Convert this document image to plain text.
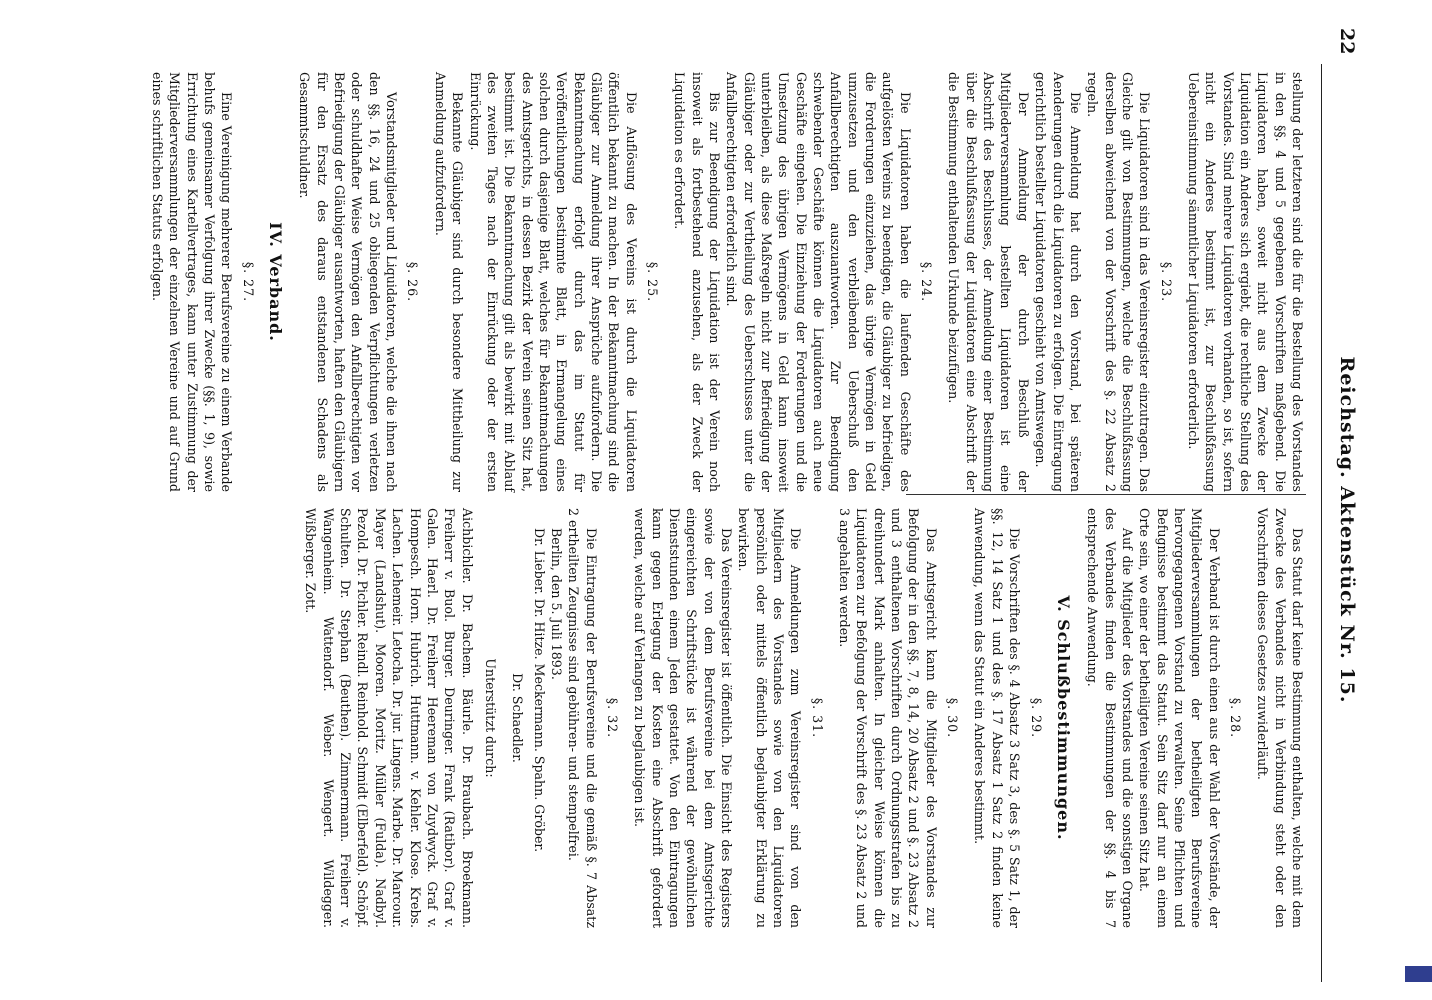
22
Reichstag. Aktenstück Nr. 15.

stellung der letzteren sind die für die Bestellung des Vorstandes in den §§. 4 und 5 gegebenen Vorschriften maßgebend. Die Liquidatoren haben, soweit nicht aus dem Zwecke der Liquidation ein Anderes sich ergiebt, die rechtliche Stellung des Vorstandes. Sind mehrere Liquidatoren vorhanden, so ist, sofern nicht ein Anderes bestimmt ist, zur Beschlußfassung Uebereinstimmung sämmtlicher Liquidatoren erforderlich.

§. 23.

Die Liquidatoren sind in das Vereinsregister einzutragen. Das Gleiche gilt von Bestimmungen, welche die Beschlußfassung derselben abweichend von der Vorschrift des §. 22 Absatz 2 regeln.

Die Anmeldung hat durch den Vorstand, bei späteren Aenderungen durch die Liquidatoren zu erfolgen. Die Eintragung gerichtlich bestellter Liquidatoren geschieht von Amtswegen.

Der Anmeldung der durch Beschluß der Mitgliederversammlung bestellten Liquidatoren ist eine Abschrift des Beschlusses, der Anmeldung einer Bestimmung über die Beschlußfassung der Liquidatoren eine Abschrift der die Bestimmung enthaltenden Urkunde beizufügen.

§. 24.

Die Liquidatoren haben die laufenden Geschäfte des aufgelösten Vereins zu beendigen, die Gläubiger zu befriedigen, die Forderungen einzuziehen, das übrige Vermögen in Geld umzusetzen und den verbleibenden Ueberschuß den Anfallberechtigten auszuantworten. Zur Beendigung schwebender Geschäfte können die Liquidatoren auch neue Geschäfte eingehen. Die Einziehung der Forderungen und die Umsetzung des übrigen Vermögens in Geld kann insoweit unterbleiben, als diese Maßregeln nicht zur Befriedigung der Gläubiger oder zur Vertheilung des Ueberschusses unter die Anfallberechtigten erforderlich sind.

Bis zur Beendigung der Liquidation ist der Verein noch insoweit als fortbestehend anzusehen, als der Zweck der Liquidation es erfordert.

§. 25.

Die Auflösung des Vereins ist durch die Liquidatoren öffentlich bekannt zu machen. In der Bekanntmachung sind die Gläubiger zur Anmeldung ihrer Ansprüche aufzufordern. Die Bekanntmachung erfolgt durch das im Statut für Veröffentlichungen bestimmte Blatt, in Ermangelung eines solchen durch dasjenige Blatt, welches für Bekanntmachungen des Amtsgerichts, in dessen Bezirk der Verein seinen Sitz hat, bestimmt ist. Die Bekanntmachung gilt als bewirkt mit Ablauf des zweiten Tages nach der Einrückung oder der ersten Einrückung.

Bekannte Gläubiger sind durch besondere Mittheilung zur Anmeldung aufzufordern.

§. 26.

Vorstandsmitglieder und Liquidatoren, welche die ihnen nach den §§. 16, 24 und 25 obliegenden Verpflichtungen verletzen oder schuldhafter Weise Vermögen den Anfallberechtigten vor Befriedigung der Gläubiger ausantworten, haften den Gläubigern für den Ersatz des daraus entstandenen Schadens als Gesammtschuldner.

IV. Verband.
§. 27.

Eine Vereinigung mehrerer Berufsvereine zu einem Verbande behufs gemeinsamer Verfolgung ihrer Zwecke (§§. 1, 9), sowie Errichtung eines Kartellvertrages, kann unter Zustimmung der Mitgliederversammlungen der einzelnen Vereine und auf Grund eines schriftlichen Statuts erfolgen.

Das Statut darf keine Bestimmung enthalten, welche mit dem Zwecke des Verbandes nicht in Verbindung steht oder den Vorschriften dieses Gesetzes zuwiderläuft.

§. 28.

Der Verband ist durch einen aus der Wahl der Vorstände, der Mitgliederversammlungen der betheiligten Berufsvereine hervorgegangenen Vorstand zu verwalten. Seine Pflichten und Befugnisse bestimmt das Statut. Sein Sitz darf nur an einem Orte sein, wo einer der betheiligten Vereine seinen Sitz hat.

Auf die Mitglieder des Vorstandes und die sonstigen Organe des Verbandes finden die Bestimmungen der §§. 4 bis 7 entsprechende Anwendung.

V. Schlußbestimmungen.
§. 29.

Die Vorschriften des §. 4 Absatz 3 Satz 3, des §. 5 Satz 1, der §§. 12, 14 Satz 1 und des §. 17 Absatz 1 Satz 2 finden keine Anwendung, wenn das Statut ein Anderes bestimmt.

§. 30.

Das Amtsgericht kann die Mitglieder des Vorstandes zur Befolgung der in den §§. 7, 8, 14, 20 Absatz 2 und §. 23 Absatz 2 und 3 enthaltenen Vorschriften durch Ordnungsstrafen bis zu dreihundert Mark anhalten. In gleicher Weise können die Liquidatoren zur Befolgung der Vorschrift des §. 23 Absatz 2 und 3 angehalten werden.

§. 31.

Die Anmeldungen zum Vereinsregister sind von den Mitgliedern des Vorstandes sowie von den Liquidatoren persönlich oder mittels öffentlich beglaubigter Erklärung zu bewirken.

Das Vereinsregister ist öffentlich. Die Einsicht des Registers sowie der von dem Berufsvereine bei dem Amtsgerichte eingereichten Schriftstücke ist während der gewöhnlichen Dienststunden einem Jeden gestattet. Von den Eintragungen kann gegen Erlegung der Kosten eine Abschrift gefordert werden, welche auf Verlangen zu beglaubigen ist.

§. 32.

Die Eintragung der Berufsvereine und die gemäß §. 7 Absatz 2 ertheilten Zeugnisse sind gebühren- und stempelfrei.

Berlin, den 5. Juli 1893.

Dr. Lieber. Dr. Hitze. Meckermann. Spahn. Gröber.

Dr. Schaedler.
Unterstützt durch:

Aichbichler. Dr. Bachem. Bäurle. Dr. Braubach. Broekmann. Freiherr v. Buol. Burger. Deuringer. Frank (Ratibor). Graf v. Galen. Haerl. Dr. Freiherr Heereman von Zuydwyck. Graf v. Hompesch. Horn. Hubrich. Huttmann. v. Kehler. Klose. Krebs. Lachen. Lehemeir. Letocha. Dr. jur. Lingens. Marbe. Dr. Marcour. Mayer (Landshut). Mooren. Moritz. Müller (Fulda). Nadbyl. Pezold. Dr. Pichler. Reindl. Reinhold. Schmidt (Elberfeld). Schöpf. Schulten. Dr. Stephan (Beuthen). Zimmermann. Freiherr v. Wangenheim. Wattendorf. Weber. Wengert. Wildegger. Wißberger. Zott.
